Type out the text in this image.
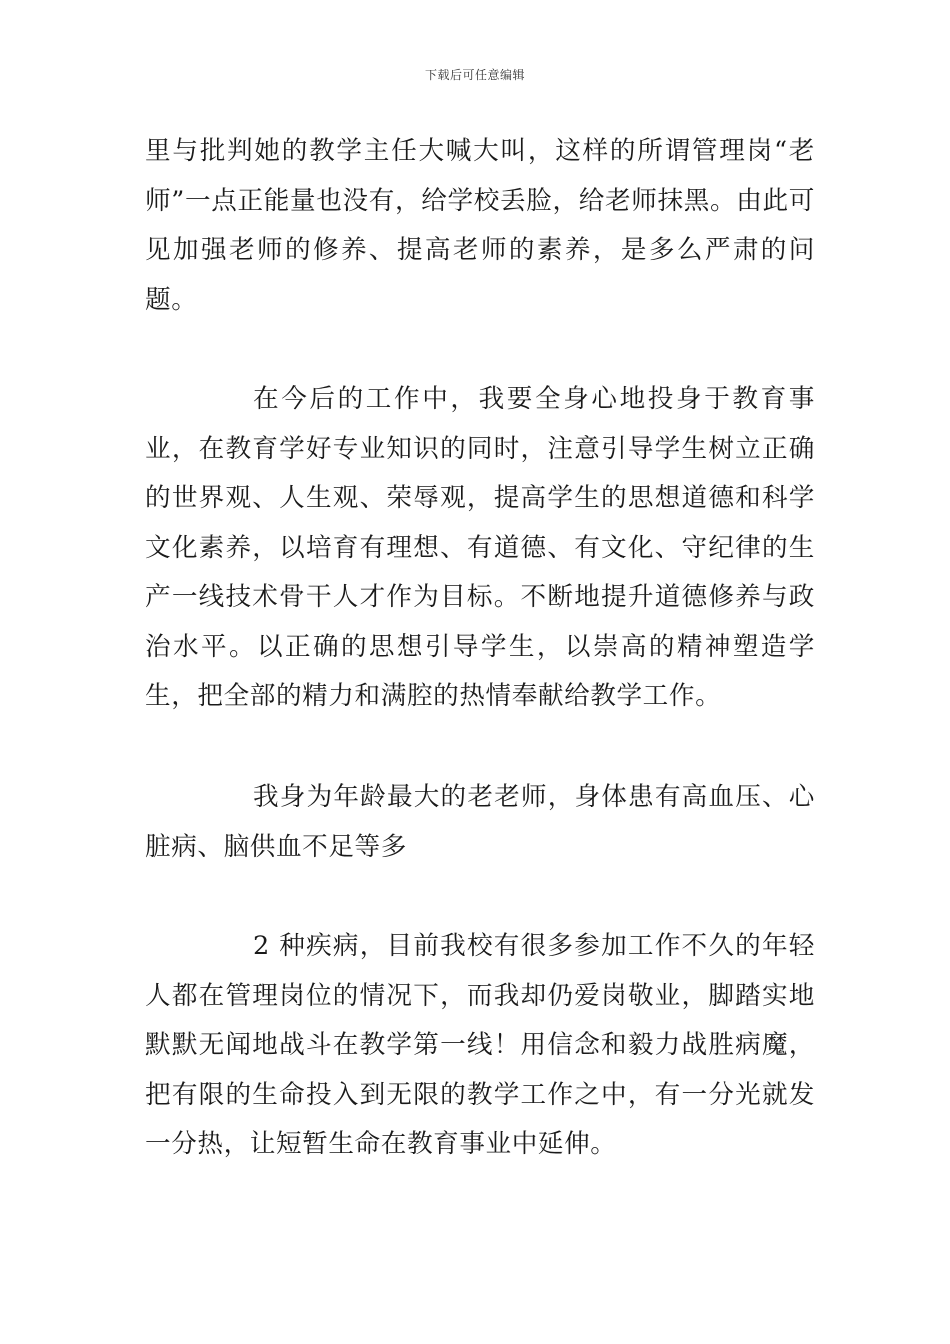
下载后可任意编辑

里与批判她的教学主任大喊大叫，这样的所谓管理岗“老师”一点正能量也没有，给学校丢脸，给老师抹黑。由此可见加强老师的修养、提高老师的素养，是多么严肃的问题。

在今后的工作中，我要全身心地投身于教育事业，在教育学好专业知识的同时，注意引导学生树立正确的世界观、人生观、荣辱观，提高学生的思想道德和科学文化素养，以培育有理想、有道德、有文化、守纪律的生产一线技术骨干人才作为目标。不断地提升道德修养与政治水平。以正确的思想引导学生，以崇高的精神塑造学生，把全部的精力和满腔的热情奉献给教学工作。

我身为年龄最大的老老师，身体患有高血压、心脏病、脑供血不足等多

2 种疾病，目前我校有很多参加工作不久的年轻人都在管理岗位的情况下，而我却仍爱岗敬业，脚踏实地默默无闻地战斗在教学第一线！用信念和毅力战胜病魔，把有限的生命投入到无限的教学工作之中，有一分光就发一分热，让短暂生命在教育事业中延伸。
